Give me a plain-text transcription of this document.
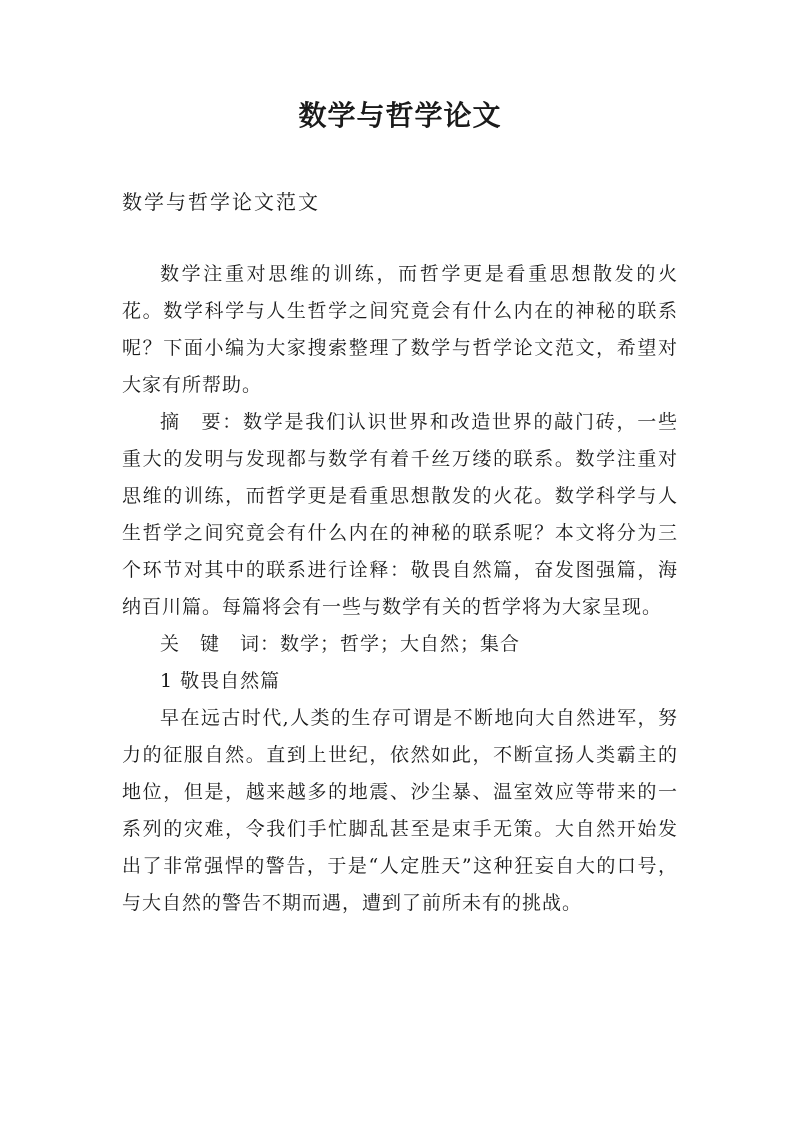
数学与哲学论文
数学与哲学论文范文

数学注重对思维的训练，而哲学更是看重思想散发的火花。数学科学与人生哲学之间究竟会有什么内在的神秘的联系呢？下面小编为大家搜索整理了数学与哲学论文范文，希望对大家有所帮助。

摘　要：数学是我们认识世界和改造世界的敲门砖，一些重大的发明与发现都与数学有着千丝万缕的联系。数学注重对思维的训练，而哲学更是看重思想散发的火花。数学科学与人生哲学之间究竟会有什么内在的神秘的联系呢？本文将分为三个环节对其中的联系进行诠释：敬畏自然篇，奋发图强篇，海纳百川篇。每篇将会有一些与数学有关的哲学将为大家呈现。

关　键　词：数学；哲学；大自然；集合

1 敬畏自然篇

早在远古时代,人类的生存可谓是不断地向大自然进军，努力的征服自然。直到上世纪，依然如此，不断宣扬人类霸主的地位，但是，越来越多的地震、沙尘暴、温室效应等带来的一系列的灾难，令我们手忙脚乱甚至是束手无策。大自然开始发出了非常强悍的警告，于是“人定胜天”这种狂妄自大的口号，与大自然的警告不期而遇，遭到了前所未有的挑战。
